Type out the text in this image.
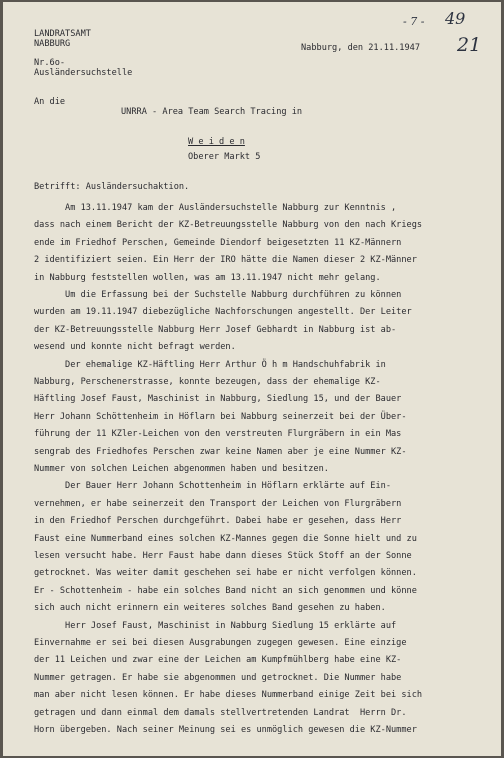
LANDRATSAMT
NABBURG
Nr.6o-
Ausländersuchstelle
Nabburg, den 21.11.1947
49
- 7 -
21
An die
UNRRA - Area Team Search Tracing in
W e i d e n
Oberer Markt 5
Betrifft: Ausländersuchaktion.
Am 13.11.1947 kam der Ausländersuchstelle Nabburg zur Kenntnis ,
dass nach einem Bericht der KZ-Betreuungsstelle Nabburg von den nach Kriegs
ende im Friedhof Perschen, Gemeinde Diendorf beigesetzten 11 KZ-Männern
2 identifiziert seien. Ein Herr der IRO hätte die Namen dieser 2 KZ-Männer
in Nabburg feststellen wollen, was am 13.11.1947 nicht mehr gelang.
Um die Erfassung bei der Suchstelle Nabburg durchführen zu können
wurden am 19.11.1947 diebezügliche Nachforschungen angestellt. Der Leiter
der KZ-Betreuungsstelle Nabburg Herr Josef Gebhardt in Nabburg ist ab-
wesend und konnte nicht befragt werden.
Der ehemalige KZ-Häftling Herr Arthur Ö h m Handschuhfabrik in
Nabburg, Perschenerstrasse, konnte bezeugen, dass der ehemalige KZ-
Häftling Josef Faust, Maschinist in Nabburg, Siedlung 15, und der Bauer
Herr Johann Schöttenheim in Höflarn bei Nabburg seinerzeit bei der Über-
führung der 11 KZler-Leichen von den verstreuten Flurgräbern in ein Mas
sengrab des Friedhofes Perschen zwar keine Namen aber je eine Nummer KZ-
Nummer von solchen Leichen abgenommen haben und besitzen.
Der Bauer Herr Johann Schottenheim in Höflarn erklärte auf Ein-
vernehmen, er habe seinerzeit den Transport der Leichen von Flurgräbern
in den Friedhof Perschen durchgeführt. Dabei habe er gesehen, dass Herr
Faust eine Nummerband eines solchen KZ-Mannes gegen die Sonne hielt und zu
lesen versucht habe. Herr Faust habe dann dieses Stück Stoff an der Sonne
getrocknet. Was weiter damit geschehen sei habe er nicht verfolgen können.
Er - Schottenheim - habe ein solches Band nicht an sich genommen und könne
sich auch nicht erinnern ein weiteres solches Band gesehen zu haben.
Herr Josef Faust, Maschinist in Nabburg Siedlung 15 erklärte auf
Einvernahme er sei bei diesen Ausgrabungen zugegen gewesen. Eine einzige
der 11 Leichen und zwar eine der Leichen am Kumpfmühlberg habe eine KZ-
Nummer getragen. Er habe sie abgenommen und getrocknet. Die Nummer habe
man aber nicht lesen können. Er habe dieses Nummerband einige Zeit bei sich
getragen und dann einmal dem damals stellvertretenden Landrat  Herrn Dr.
Horn übergeben. Nach seiner Meinung sei es unmöglich gewesen die KZ-Nummer
